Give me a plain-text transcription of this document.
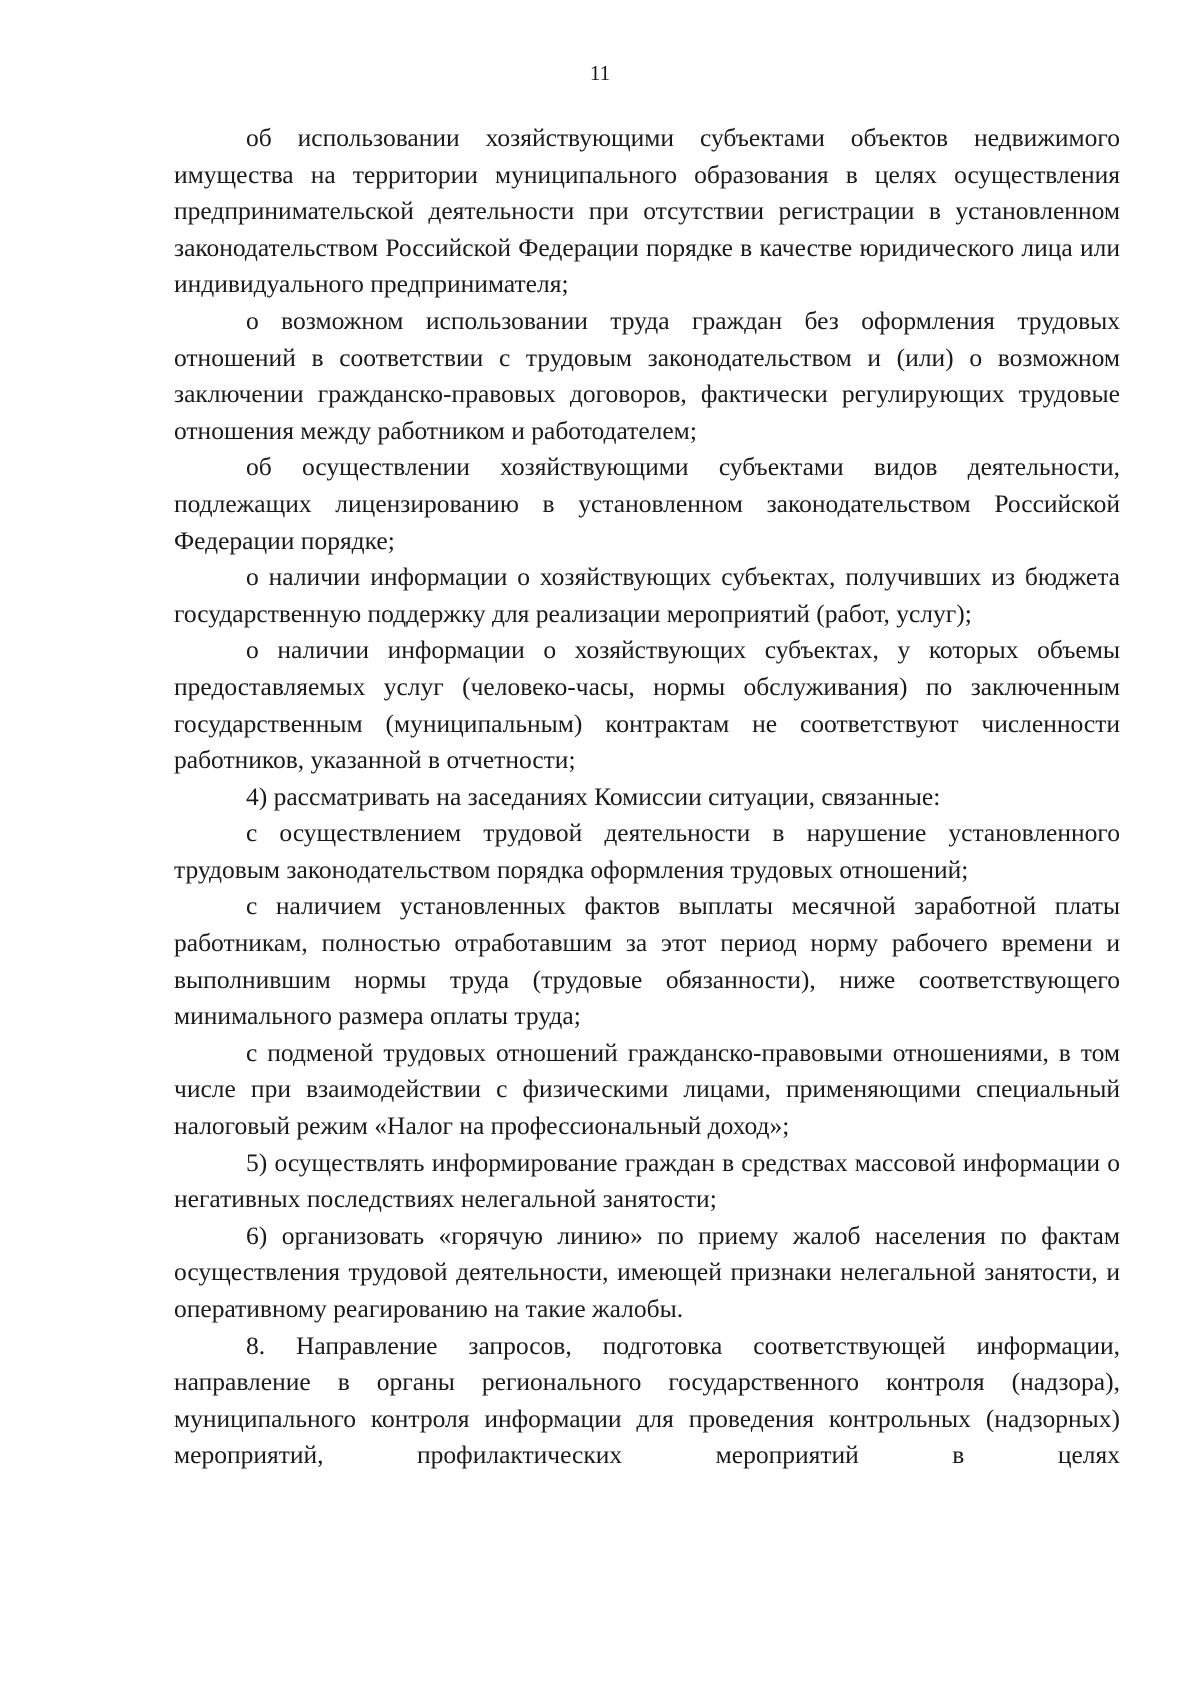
11

об использовании хозяйствующими субъектами объектов недвижимого имущества на территории муниципального образования в целях осуществления предпринимательской деятельности при отсутствии регистрации в установленном законодательством Российской Федерации порядке в качестве юридического лица или индивидуального предпринимателя;

о возможном использовании труда граждан без оформления трудовых отношений в соответствии с трудовым законодательством и (или) о возможном заключении гражданско-правовых договоров, фактически регулирующих трудовые отношения между работником и работодателем;

об осуществлении хозяйствующими субъектами видов деятельности, подлежащих лицензированию в установленном законодательством Российской Федерации порядке;

о наличии информации о хозяйствующих субъектах, получивших из бюджета государственную поддержку для реализации мероприятий (работ, услуг);

о наличии информации о хозяйствующих субъектах, у которых объемы предоставляемых услуг (человеко-часы, нормы обслуживания) по заключенным государственным (муниципальным) контрактам не соответствуют численности работников, указанной в отчетности;

4) рассматривать на заседаниях Комиссии ситуации, связанные:

с осуществлением трудовой деятельности в нарушение установленного трудовым законодательством порядка оформления трудовых отношений;

с наличием установленных фактов выплаты месячной заработной платы работникам, полностью отработавшим за этот период норму рабочего времени и выполнившим нормы труда (трудовые обязанности), ниже соответствующего минимального размера оплаты труда;

с подменой трудовых отношений гражданско-правовыми отношениями, в том числе при взаимодействии с физическими лицами, применяющими специальный налоговый режим «Налог на профессиональный доход»;

5) осуществлять информирование граждан в средствах массовой информации о негативных последствиях нелегальной занятости;

6) организовать «горячую линию» по приему жалоб населения по фактам осуществления трудовой деятельности, имеющей признаки нелегальной занятости, и оперативному реагированию на такие жалобы.

8. Направление запросов, подготовка соответствующей информации, направление в органы регионального государственного контроля (надзора), муниципального контроля информации для проведения контрольных (надзорных) мероприятий, профилактических мероприятий в целях
